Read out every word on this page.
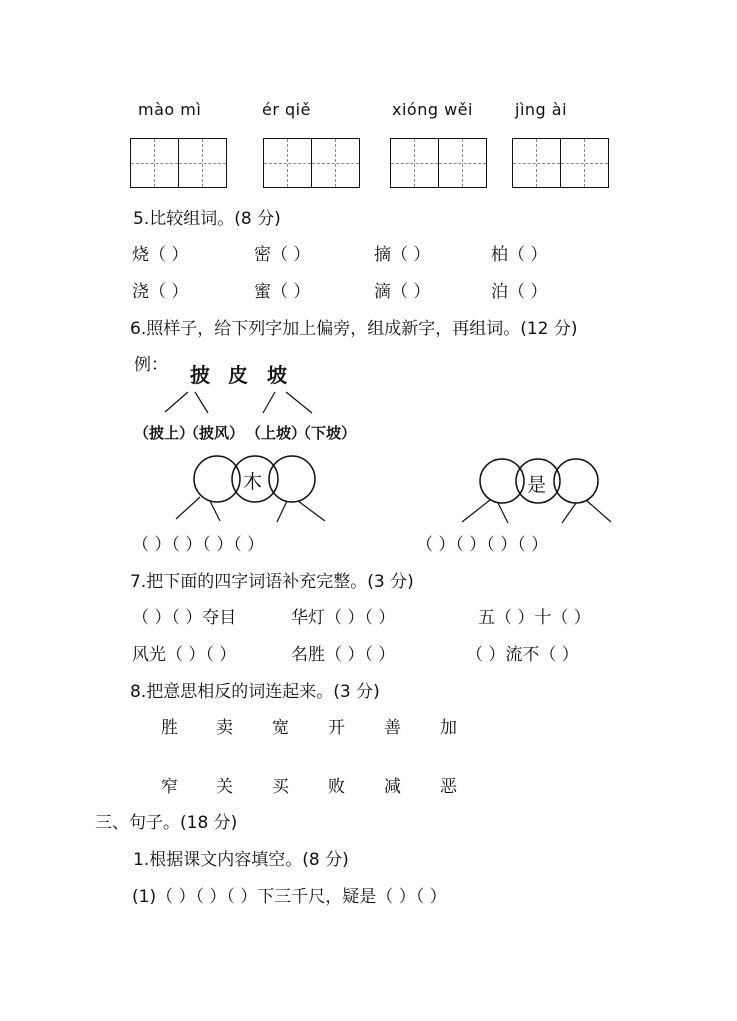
mào mì	ér qiě	xióng wěi	jìng ài
5.比较组词。(8 分)
烧（ ）	密（ ）	摘（ ）	柏（ ）
浇（ ）	蜜（ ）	滴（ ）	泊（ ）
6.照样子，给下列字加上偏旁，组成新字，再组词。(12 分)
例： 披 皮 坡
（披上）
（披风） （上坡）
（下坡）
木	是
（ ）（ ）（ ）（ ）	（ ）（ ）（ ）（ ）
7.把下面的四字词语补充完整。(3 分)
（ ）（ ）夺目	华灯（ ）（ ）	五（ ）十（ ）
风光（ ）（ ）	名胜（ ）（ ）	（ ）流不（ ）
8.把意思相反的词连起来。(3 分)
胜 卖 宽 开 善 加
窄 关 买 败 减 恶
三、句子。(18 分)
1.根据课文内容填空。(8 分)
(1)（ ）（ ）（ ）下三千尺，疑是（ ）（ ）
